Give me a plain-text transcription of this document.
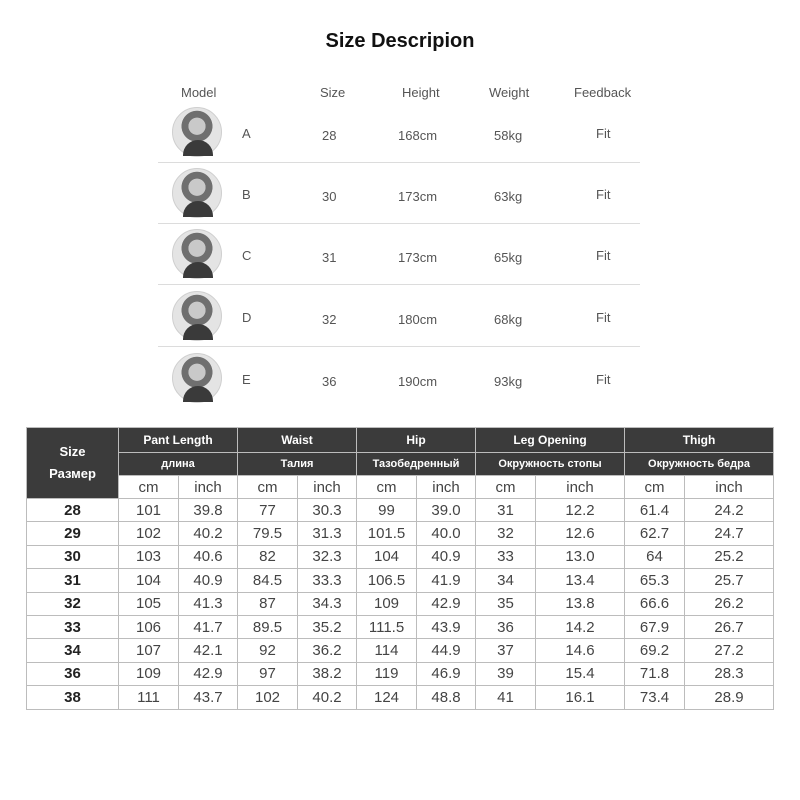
Size Descripion
Model	Size	Height	Weight	Feedback
A	28	168cm	58kg	Fit
B	30	173cm	63kg	Fit
C	31	173cm	65kg	Fit
D	32	180cm	68kg	Fit
E	36	190cm	93kg	Fit
Size
Размер	Pant Length		Waist		Hip		Leg Opening		Thigh	
	длина		Талия		Тазобедренный		Окружность стопы		Окружность бедра	
	cm	inch	cm	inch	cm	inch	cm	inch	cm	inch
28	101	39.8	77	30.3	99	39.0	31	12.2	61.4	24.2
29	102	40.2	79.5	31.3	101.5	40.0	32	12.6	62.7	24.7
30	103	40.6	82	32.3	104	40.9	33	13.0	64	25.2
31	104	40.9	84.5	33.3	106.5	41.9	34	13.4	65.3	25.7
32	105	41.3	87	34.3	109	42.9	35	13.8	66.6	26.2
33	106	41.7	89.5	35.2	111.5	43.9	36	14.2	67.9	26.7
34	107	42.1	92	36.2	114	44.9	37	14.6	69.2	27.2
36	109	42.9	97	38.2	119	46.9	39	15.4	71.8	28.3
38	111	43.7	102	40.2	124	48.8	41	16.1	73.4	28.9
